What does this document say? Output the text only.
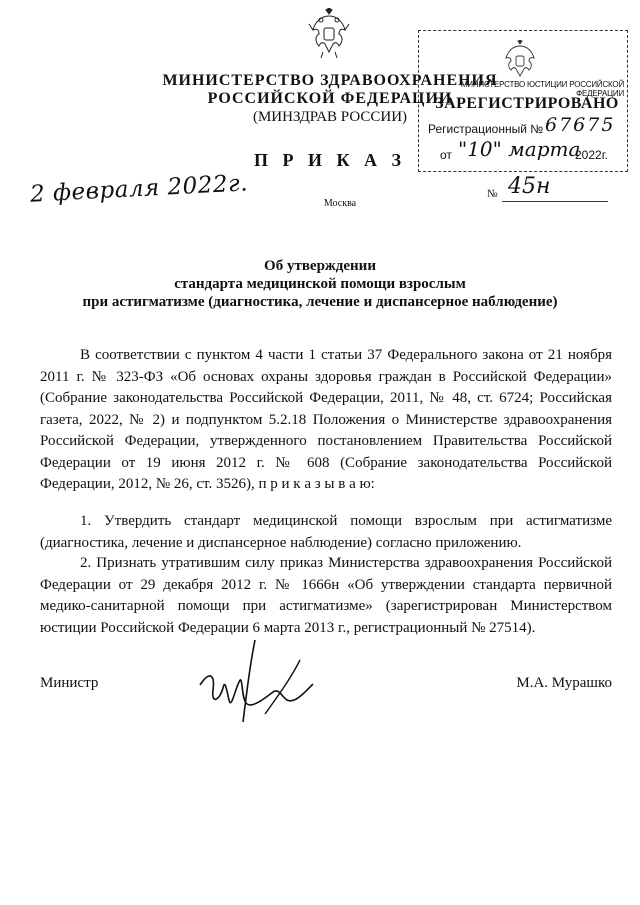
МИНИСТЕРСТВО ЗДРАВООХРАНЕНИЯ
РОССИЙСКОЙ ФЕДЕРАЦИИ
(МИНЗДРАВ РОССИИ)
МИНИСТЕРСТВО ЮСТИЦИИ РОССИЙСКОЙ ФЕДЕРАЦИИ
ЗАРЕГИСТРИРОВАНО
Регистрационный № 67675
от "10" марта
2022г.
П Р И К А З
2 февраля 2022г.	Москва
№ 45н
Об утверждении
стандарта медицинской помощи взрослым
при астигматизме (диагностика, лечение и диспансерное наблюдение)
В соответствии с пунктом 4 части 1 статьи 37 Федерального закона от 21 ноября 2011 г. № 323-ФЗ «Об основах охраны здоровья граждан в Российской Федерации» (Собрание законодательства Российской Федерации, 2011, № 48, ст. 6724; Российская газета, 2022, № 2) и подпунктом 5.2.18 Положения о Министерстве здравоохранения Российской Федерации, утвержденного постановлением Правительства Российской Федерации от 19 июня 2012 г. № 608 (Собрание законодательства Российской Федерации, 2012, № 26, ст. 3526), п р и к а з ы в а ю:
1. Утвердить стандарт медицинской помощи взрослым при астигматизме (диагностика, лечение и диспансерное наблюдение) согласно приложению.
2. Признать утратившим силу приказ Министерства здравоохранения Российской Федерации от 29 декабря 2012 г. № 1666н «Об утверждении стандарта первичной медико-санитарной помощи при астигматизме» (зарегистрирован Министерством юстиции Российской Федерации 6 марта 2013 г., регистрационный № 27514).
Министр	М.А. Мурашко
